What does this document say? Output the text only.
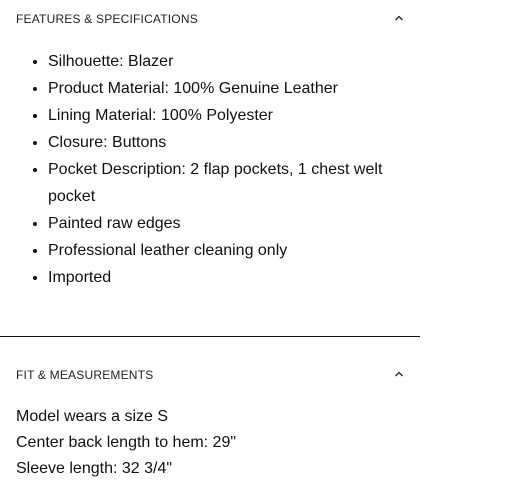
FEATURES & SPECIFICATIONS
• Silhouette: Blazer
• Product Material: 100% Genuine Leather
• Lining Material: 100% Polyester
• Closure: Buttons
• Pocket Description: 2 flap pockets, 1 chest welt pocket
• Painted raw edges
• Professional leather cleaning only
• Imported
FIT & MEASUREMENTS
Model wears a size S
Center back length to hem: 29"
Sleeve length: 32 3/4"
